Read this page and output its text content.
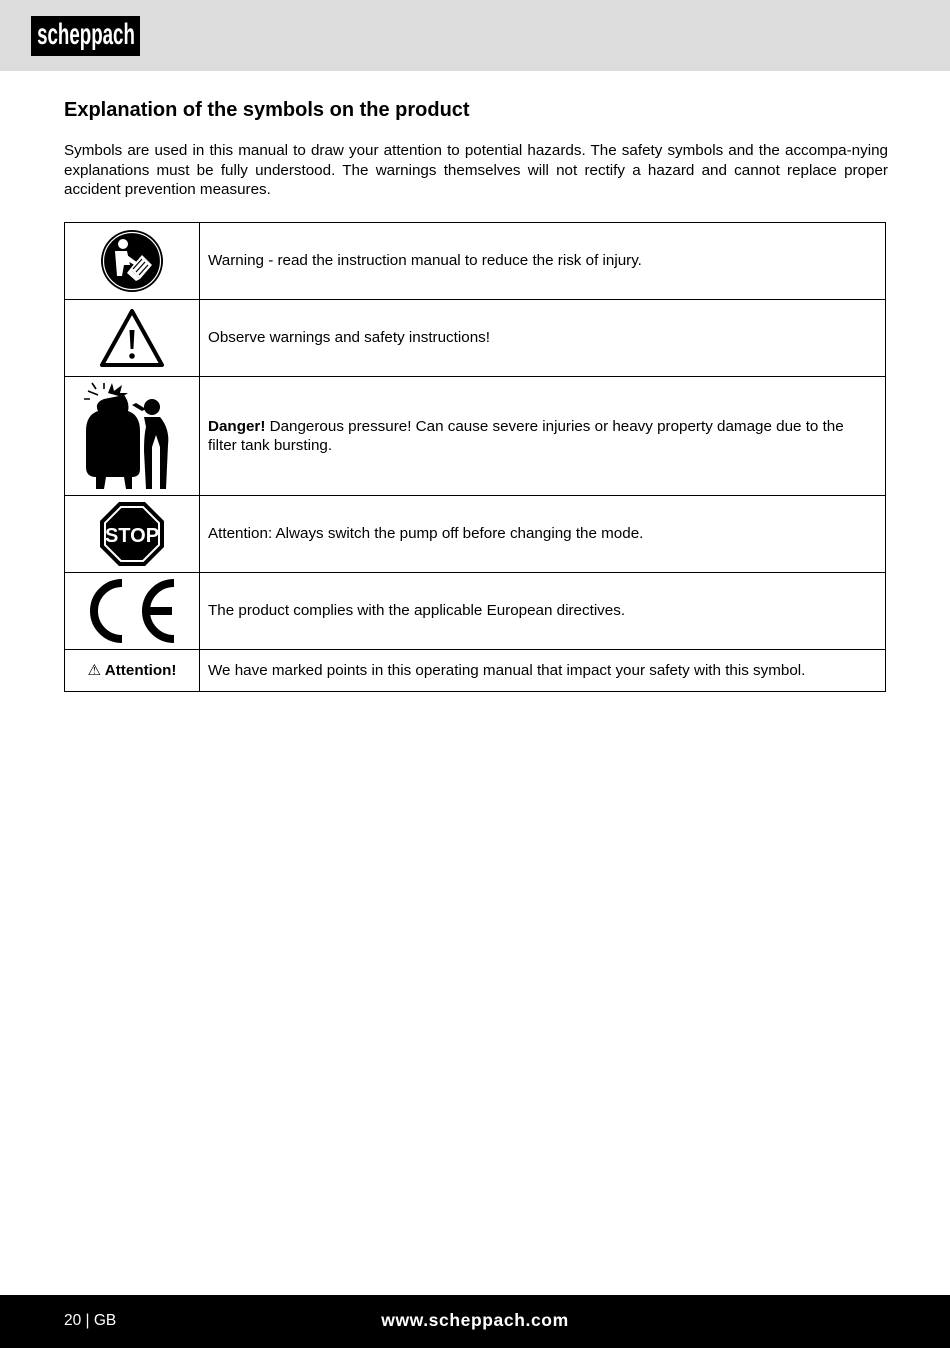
scheppach
Explanation of the symbols on the product

Symbols are used in this manual to draw your attention to potential hazards. The safety symbols and the accompa-nying explanations must be fully understood. The warnings themselves will not rectify a hazard and cannot replace proper accident prevention measures.

	Warning - read the instruction manual to reduce the risk of injury.

	Observe warnings and safety instructions!

	Danger! Dangerous pressure! Can cause severe injuries or heavy property damage due to the filter tank bursting.

STOP	Attention: Always switch the pump off before changing the mode.

	The product complies with the applicable European directives.
⚠ Attention!	We have marked points in this operating manual that impact your safety with this symbol.
20 | GB	www.scheppach.com
